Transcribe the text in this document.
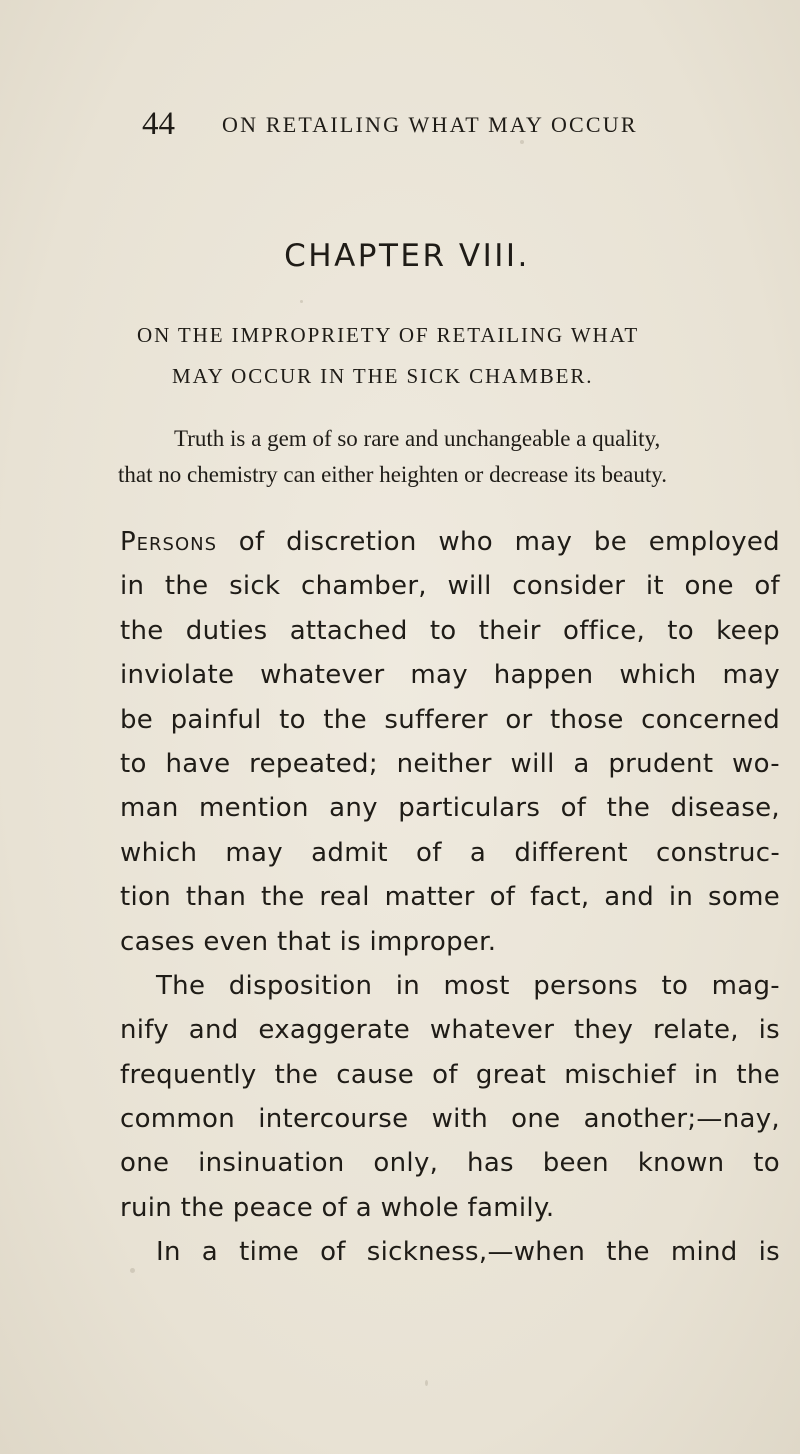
44 ON RETAILING WHAT MAY OCCUR
CHAPTER VIII.
ON THE IMPROPRIETY OF RETAILING WHAT
MAY OCCUR IN THE SICK CHAMBER.
Truth is a gem of so rare and unchangeable a quality,
that no chemistry can either heighten or decrease its beauty.
Persons of discretion who may be employed
in the sick chamber, will consider it one of
the duties attached to their office, to keep
inviolate whatever may happen which may
be painful to the sufferer or those concerned
to have repeated; neither will a prudent wo-
man mention any particulars of the disease,
which may admit of a different construc-
tion than the real matter of fact, and in some
cases even that is improper.
The disposition in most persons to mag-
nify and exaggerate whatever they relate, is
frequently the cause of great mischief in the
common intercourse with one another;—nay,
one insinuation only, has been known to
ruin the peace of a whole family.
In a time of sickness,—when the mind is
